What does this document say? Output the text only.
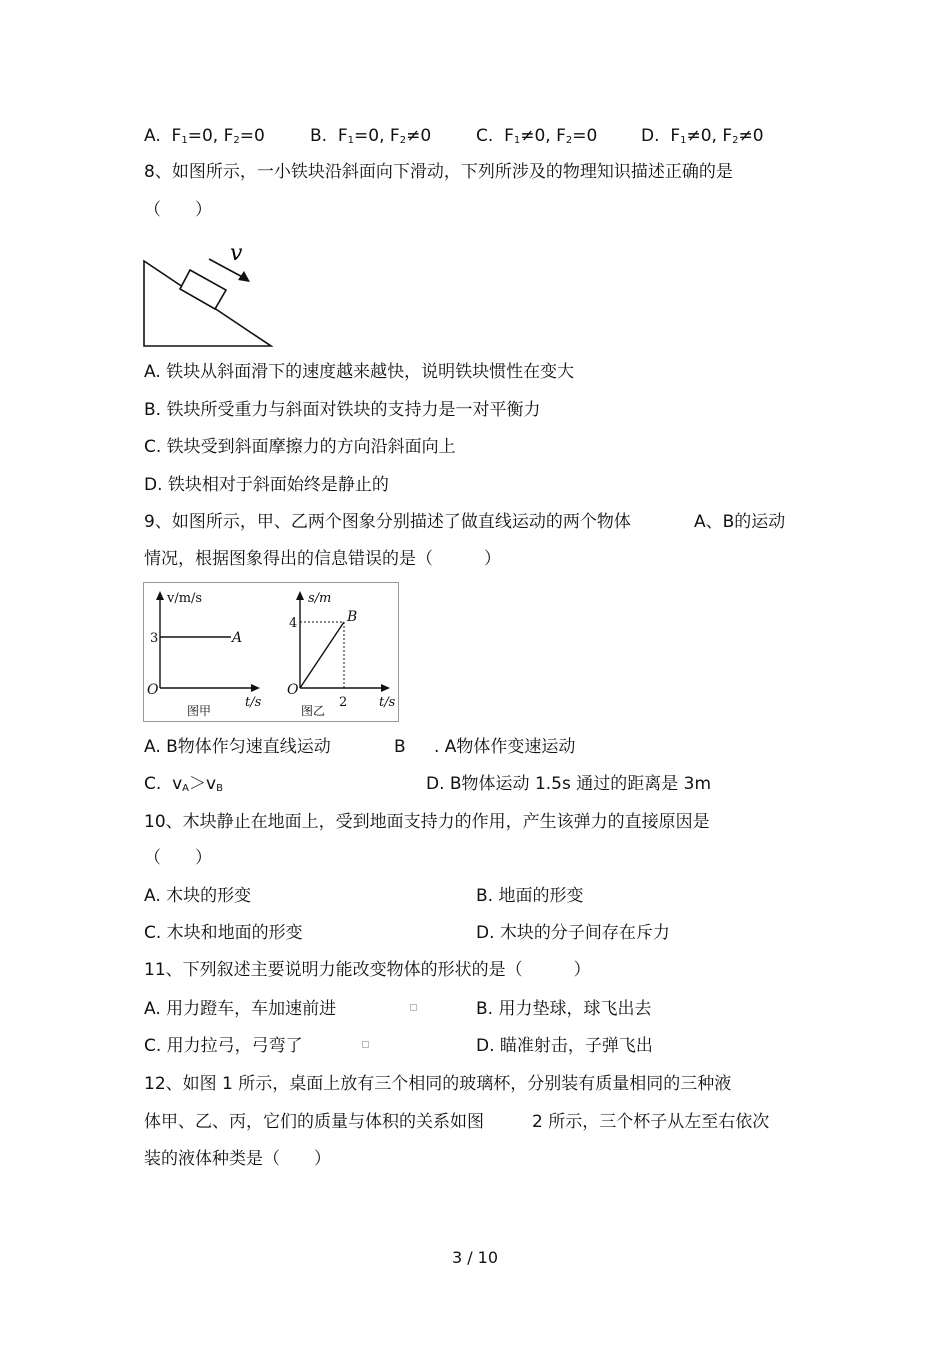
A. $F_1=0$, $F_2=0$	B. $F_1=0$, $F_2\ne 0$	C. $F_1\ne 0$, $F_2=0$	D. $F_1\ne 0$, $F_2\ne 0$
8、如图所示，一小铁块沿斜面向下滑动，下列所涉及的物理知识描述正确的是
（　　）
v
A. 铁块从斜面滑下的速度越来越快，说明铁块惯性在变大
B. 铁块所受重力与斜面对铁块的支持力是一对平衡力
C. 铁块受到斜面摩擦力的方向沿斜面向上
D. 铁块相对于斜面始终是静止的
9、如图所示，甲、乙两个图象分别描述了做直线运动的两个物体	A、B的运动
情况，根据图象得出的信息错误的是（　　　）
v/m/s
3	A
O
t/s
图甲
s/m
4	B
O
2 t/s
图乙
A. B物体作匀速直线运动	B . A物体作变速运动
C. $v_A>v_B$	D. B物体运动 1.5s 通过的距离是 3m
10、木块静止在地面上，受到地面支持力的作用，产生该弹力的直接原因是
（　　）
A. 木块的形变	B. 地面的形变
C. 木块和地面的形变	D. 木块的分子间存在斥力
11、下列叙述主要说明力能改变物体的形状的是（　　　）
A. 用力蹬车，车加速前进	B. 用力垫球，球飞出去
C. 用力拉弓，弓弯了	D. 瞄准射击，子弹飞出
12、如图 1 所示，桌面上放有三个相同的玻璃杯，分别装有质量相同的三种液
体甲、乙、丙，它们的质量与体积的关系如图	2 所示，三个杯子从左至右依次
装的液体种类是（　　）
3 / 10
